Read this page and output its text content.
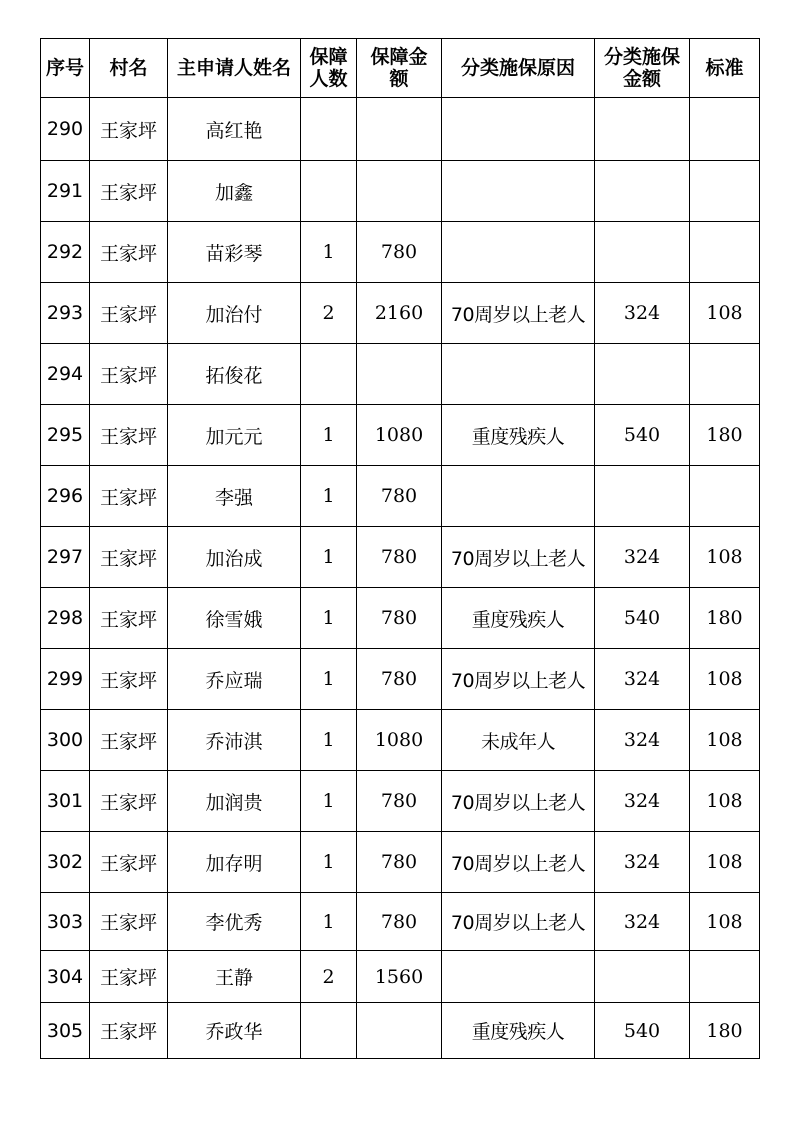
序号	村名	主申请人姓名	保障人数	保障金额	分类施保原因	分类施保金额	标准
290	王家坪	高红艳					
291	王家坪	加鑫					
292	王家坪	苗彩琴	1	780			
293	王家坪	加治付	2	2160	70周岁以上老人	324	108
294	王家坪	拓俊花					
295	王家坪	加元元	1	1080	重度残疾人	540	180
296	王家坪	李强	1	780			
297	王家坪	加治成	1	780	70周岁以上老人	324	108
298	王家坪	徐雪娥	1	780	重度残疾人	540	180
299	王家坪	乔应瑞	1	780	70周岁以上老人	324	108
300	王家坪	乔沛淇	1	1080	未成年人	324	108
301	王家坪	加润贵	1	780	70周岁以上老人	324	108
302	王家坪	加存明	1	780	70周岁以上老人	324	108
303	王家坪	李优秀	1	780	70周岁以上老人	324	108
304	王家坪	王静	2	1560			
305	王家坪	乔政华			重度残疾人	540	180
